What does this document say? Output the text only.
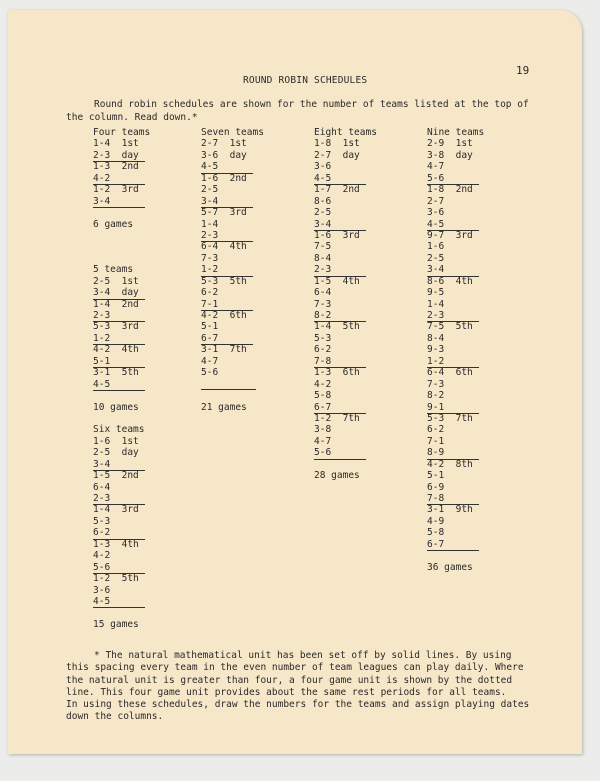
19
ROUND ROBIN SCHEDULES

Round robin schedules are shown for the number of teams listed at the top of
the column. Read down.*

Four teams
1-4  1st
2-3  day
1-3  2nd
4-2
1-2  3rd
3-4
6 games
5 teams
2-5  1st
3-4  day
1-4  2nd
2-3
5-3  3rd
1-2
4-2  4th
5-1
3-1  5th
4-5
10 games
Six teams
1-6  1st
2-5  day
3-4
1-5  2nd
6-4
2-3
1-4  3rd
5-3
6-2
1-3  4th
4-2
5-6
1-2  5th
3-6
4-5
15 games
Seven teams
2-7  1st
3-6  day
4-5
1-6  2nd
2-5
3-4
5-7  3rd
1-4
2-3
6-4  4th
7-3
1-2
5-3  5th
6-2
7-1
4-2  6th
5-1
6-7
3-1  7th
4-7
5-6
21 games
Eight teams
1-8  1st
2-7  day
3-6
4-5
1-7  2nd
8-6
2-5
3-4
1-6  3rd
7-5
8-4
2-3
1-5  4th
6-4
7-3
8-2
1-4  5th
5-3
6-2
7-8
1-3  6th
4-2
5-8
6-7
1-2  7th
3-8
4-7
5-6
28 games
Nine teams
2-9  1st
3-8  day
4-7
5-6
1-8  2nd
2-7
3-6
4-5
9-7  3rd
1-6
2-5
3-4
8-6  4th
9-5
1-4
2-3
7-5  5th
8-4
9-3
1-2
6-4  6th
7-3
8-2
9-1
5-3  7th
6-2
7-1
8-9
4-2  8th
5-1
6-9
7-8
3-1  9th
4-9
5-8
6-7
36 games

* The natural mathematical unit has been set off by solid lines. By using
this spacing every team in the even number of team leagues can play daily. Where
the natural unit is greater than four, a four game unit is shown by the dotted
line. This four game unit provides about the same rest periods for all teams.
In using these schedules, draw the numbers for the teams and assign playing dates
down the columns.
